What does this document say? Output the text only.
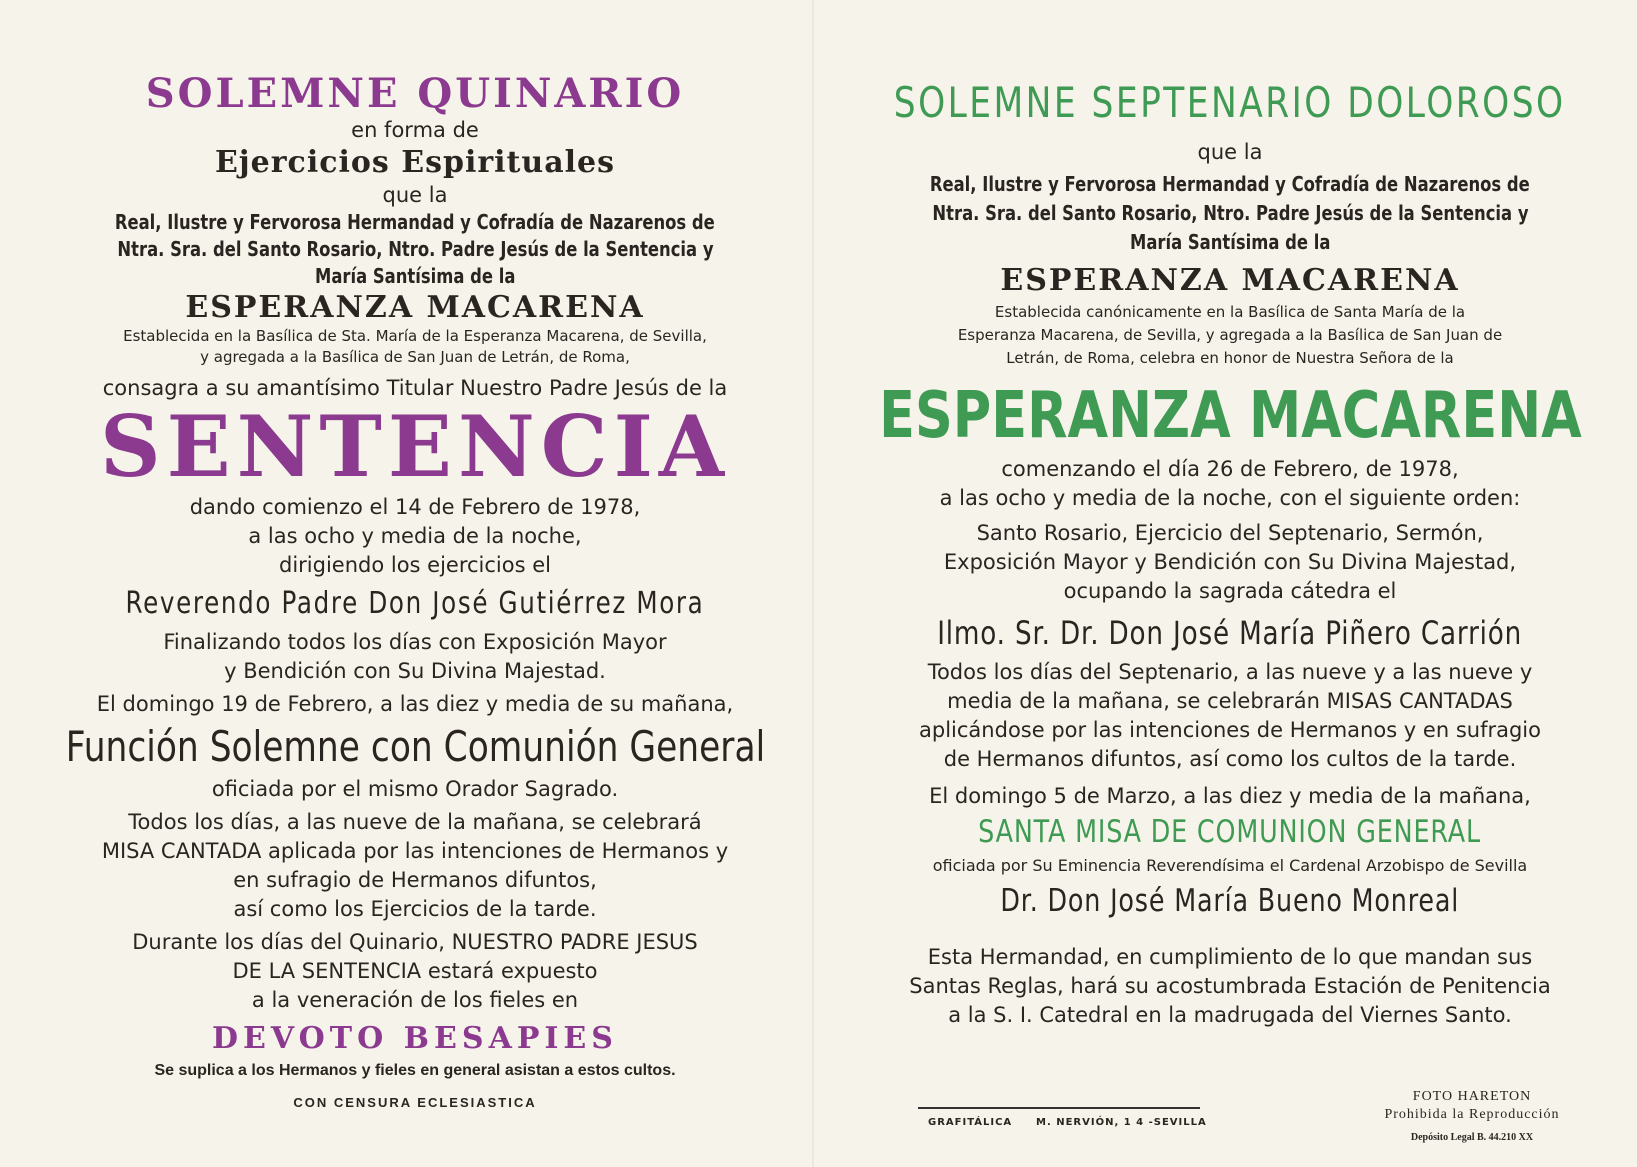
SOLEMNE QUINARIO
en forma de
Ejercicios Espirituales
que la
Real, Ilustre y Fervorosa Hermandad y Cofradía de Nazarenos de
Ntra. Sra. del Santo Rosario, Ntro. Padre Jesús de la Sentencia y
María Santísima de la
ESPERANZA MACARENA
Establecida en la Basílica de Sta. María de la Esperanza Macarena, de Sevilla,
y agregada a la Basílica de San Juan de Letrán, de Roma,
consagra a su amantísimo Titular Nuestro Padre Jesús de la
SENTENCIA
dando comienzo el 14 de Febrero de 1978,
a las ocho y media de la noche,
dirigiendo los ejercicios el
Reverendo Padre Don José Gutiérrez Mora
Finalizando todos los días con Exposición Mayor
y Bendición con Su Divina Majestad.
El domingo 19 de Febrero, a las diez y media de su mañana,
Función Solemne con Comunión General
oficiada por el mismo Orador Sagrado.
Todos los días, a las nueve de la mañana, se celebrará
MISA CANTADA aplicada por las intenciones de Hermanos y
en sufragio de Hermanos difuntos,
así como los Ejercicios de la tarde.
Durante los días del Quinario, NUESTRO PADRE JESUS
DE LA SENTENCIA estará expuesto
a la veneración de los fieles en
DEVOTO BESAPIES
Se suplica a los Hermanos y fieles en general asistan a estos cultos.
CON CENSURA ECLESIASTICA
SOLEMNE SEPTENARIO DOLOROSO
que la
Real, Ilustre y Fervorosa Hermandad y Cofradía de Nazarenos de
Ntra. Sra. del Santo Rosario, Ntro. Padre Jesús de la Sentencia y
María Santísima de la
ESPERANZA MACARENA
Establecida canónicamente en la Basílica de Santa María de la
Esperanza Macarena, de Sevilla, y agregada a la Basílica de San Juan de
Letrán, de Roma, celebra en honor de Nuestra Señora de la
ESPERANZA MACARENA
comenzando el día 26 de Febrero, de 1978,
a las ocho y media de la noche, con el siguiente orden:
Santo Rosario, Ejercicio del Septenario, Sermón,
Exposición Mayor y Bendición con Su Divina Majestad,
ocupando la sagrada cátedra el
Ilmo. Sr. Dr. Don José María Piñero Carrión
Todos los días del Septenario, a las nueve y a las nueve y
media de la mañana, se celebrarán MISAS CANTADAS
aplicándose por las intenciones de Hermanos y en sufragio
de Hermanos difuntos, así como los cultos de la tarde.
El domingo 5 de Marzo, a las diez y media de la mañana,
SANTA MISA DE COMUNION GENERAL
oficiada por Su Eminencia Reverendísima el Cardenal Arzobispo de Sevilla
Dr. Don José María Bueno Monreal
Esta Hermandad, en cumplimiento de lo que mandan sus
Santas Reglas, hará su acostumbrada Estación de Penitencia
a la S. I. Catedral en la madrugada del Viernes Santo.
GRAFITÁLICA M. NERVIÓN, 1 4 -SEVILLA
FOTO HARETON
Prohibida la Reproducción
Depósito Legal B. 44.210 XX
